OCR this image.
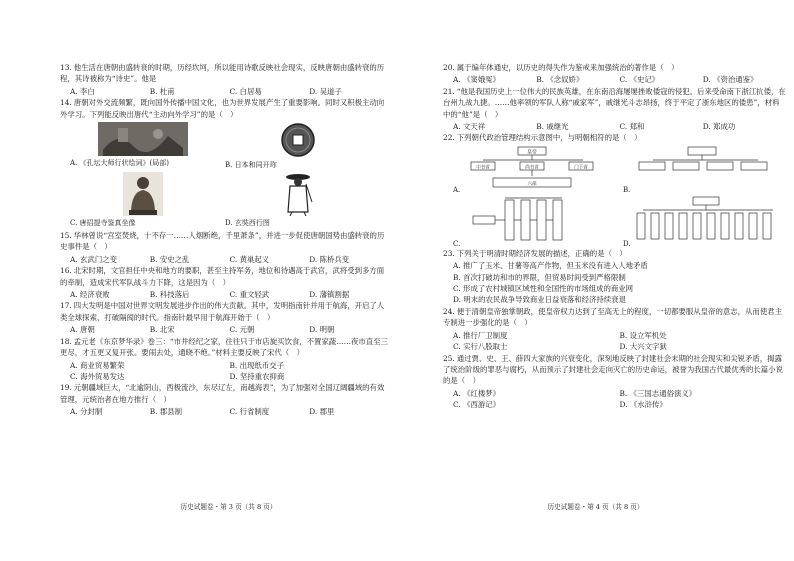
13. 他生活在唐朝由盛转衰的时期，历经坎坷，所以能用诗歌反映社会现实，反映唐朝由盛转衰的历程，其诗被称为“诗史”。他是
A. 李白	B. 杜甫	C. 白居易	D. 吴道子
14. 唐朝对外交流频繁，既向国外传播中国文化，也为世界发展产生了重要影响。同时又积极主动向外学习。下列能反映出唐代“主动向外学习”的是（　）
A. 《孔坛大师行状绘词》(局部)	B. 日本和同开珎
C. 唐招提寺鉴真坐像	D. 玄奘西行图
15. 华林曾说“宫室焚烧，十不存一……人烟断绝，千里萧条”，并进一步促使唐朝国势由盛转衰的历史事件是（　）
A. 玄武门之变	B. 安史之乱	C. 黄巢起义	D. 陈桥兵变
16. 北宋时期，文官担任中央和地方的要职，甚至主持军务，地位和待遇高于武官，武将受到多方面的牵制，造成宋代军队战斗力下降，这是因为（　）
A. 经济衰败	B. 科技落后	C. 重文轻武	D. 藩镇割据
17. 四大发明是中国对世界文明发展进步作出的伟大贡献。其中，发明指南针并用于航海，开启了人类全球探索、打破隔阂的时代。指南针最早用于航海开始于（　）
A. 唐朝	B. 北宋	C. 元朝	D. 明朝
18. 孟元老《东京梦华录》卷三：“市井经纪之家，往往只于市店旋买饮食，不置家蔬……夜市直至三更尽，才五更又复开张。要闹去处，通晓不绝。”材料主要反映了宋代（　）
A. 商业贸易繁荣	B. 出现纸币交子
C. 海外贸易发达	D. 坚持重农抑商
19. 元朝疆域巨大，“北逾阴山，西极流沙，东尽辽左，南越海表”，为了加强对全国辽阔疆域的有效管理，元统治者在地方推行（　）
A. 分封制	B. 郡县制	C. 行省制度	D. 郡里
历史试题卷・第 3 页（共 8 页）
20. 属于编年体通史，以历史的得失作为鉴戒来加强统治的著作是（　）
A. 《窦娥冤》	B. 《念奴娇》	C. 《史记》	D. 《资治通鉴》
21. “他是我国历史上一位伟大的民族英雄，在东南沿海屡屡挫败倭寇的侵犯。后来受命南下浙江抗倭，在台州九战九捷。……他率领的军队人称“戚家军”，戚继光斗志昂扬，终于平定了浙东地区的倭患”，材料中的“他”是（　）
A. 文天祥	B. 戚继光	C. 郑和	D. 郑成功
22. 下列朝代政治管理结构示意图中，与明朝相符的是（　）
A.
皇帝
中书省	尚书省	门下省
六部
B.
C.	D.
23. 下列关于明清时期经济发展的描述，正确的是（　）
A. 推广了玉米、甘薯等高产作物，但玉米没有进入人地矛盾
B. 首次打破坊和市的界限，但贸易时间受到严格限制
C. 形成了农村城镇区域性和全国性的市场组成的商业网
D. 明末的农民战争导致商业日益衰落和经济持续衰退
24. 便于清朝皇帝独掌朝政，使皇帝权力达到了至高无上的程度，一切都要服从皇帝的意志，从而使君主专制进一步强化的是（　）
A. 推行厂卫制度	B. 设立军机处
C. 实行八股取士	D. 大兴文字狱
25. 通过贾、史、王、薛四大家族的兴衰变化，深刻地反映了封建社会末期的社会现实和尖锐矛盾，揭露了统治阶级的罪恶与腐朽，从而预示了封建社会走向灭亡的历史命运，被誉为我国古代最优秀的长篇小说的是（　）
A. 《红楼梦》	B. 《三国志通俗演义》
C. 《西游记》	D. 《水浒传》
历史试题卷・第 4 页（共 8 页）
